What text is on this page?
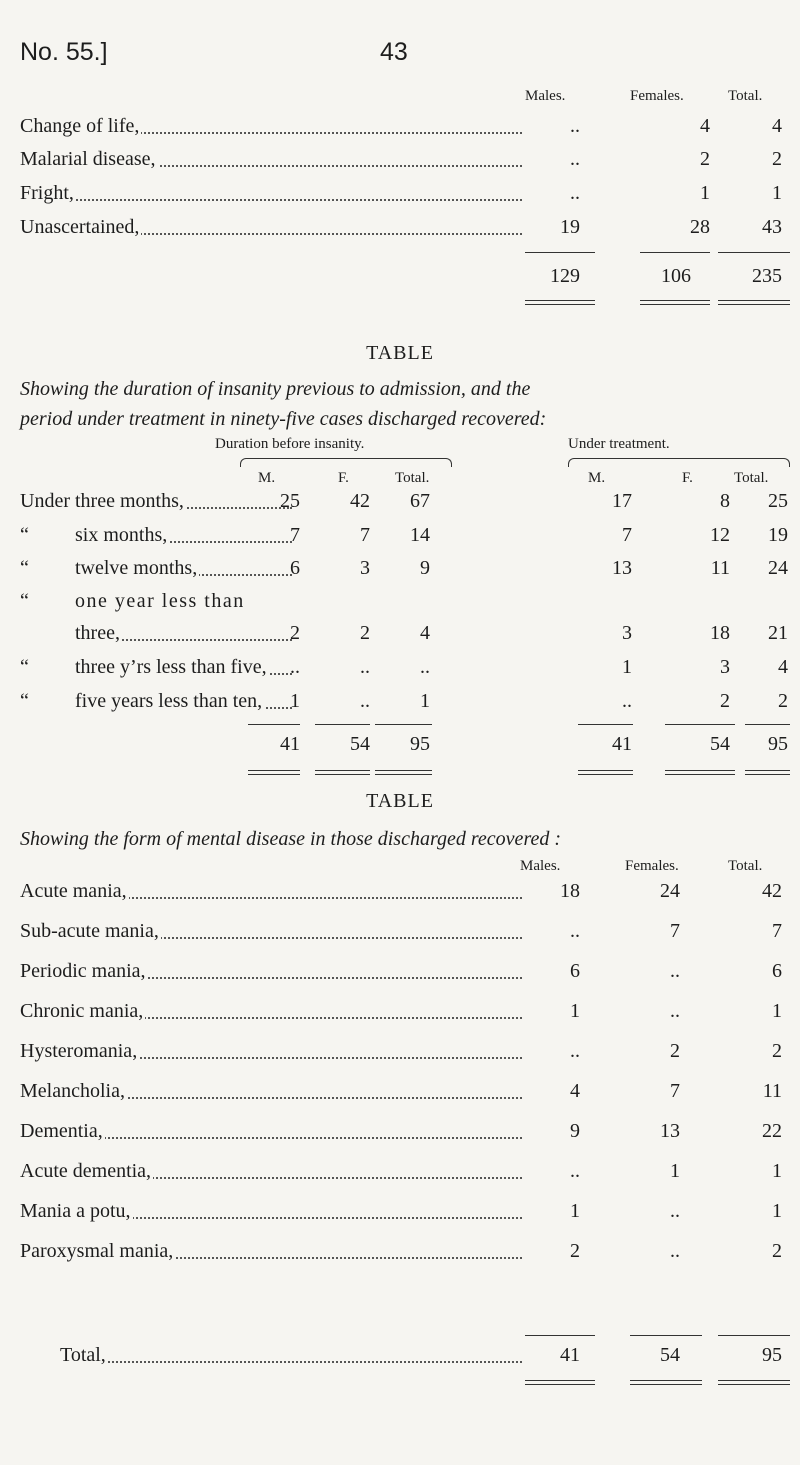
No. 55.]	43
Males.	Females.	Total.
Change of life,	..	4	4
Malarial disease,	..	2	2
Fright,	..	1	1
Unascertained,	19	28	43
129	106	235
TABLE
Showing the duration of insanity previous to admission, and the
period under treatment in ninety-five cases discharged recovered:
Duration before insanity.	Under treatment.
M.	F.	Total.	M.	F.	Total.
Under three months,	25	42	67	17	8	25
“ six months,	7	7	14	7	12	19
“ twelve months,	6	3	9	13	11	24
“ one year less than
three,	2	2	4	3	18	21
“ three y’rs less than five,	..	..	..	1	3	4
“ five years less than ten,	1	..	1	..	2	2
41	54	95	41	54	95
TABLE
Showing the form of mental disease in those discharged recovered :
Males.	Females.	Total.
Acute mania,	18	24	42
Sub-acute mania,	..	7	7
Periodic mania,	6	..	6
Chronic mania,	1	..	1
Hysteromania,	..	2	2
Melancholia,	4	7	11
Dementia,	9	13	22
Acute dementia,	..	1	1
Mania a potu,	1	..	1
Paroxysmal mania,	2	..	2
Total,	41	54	95
